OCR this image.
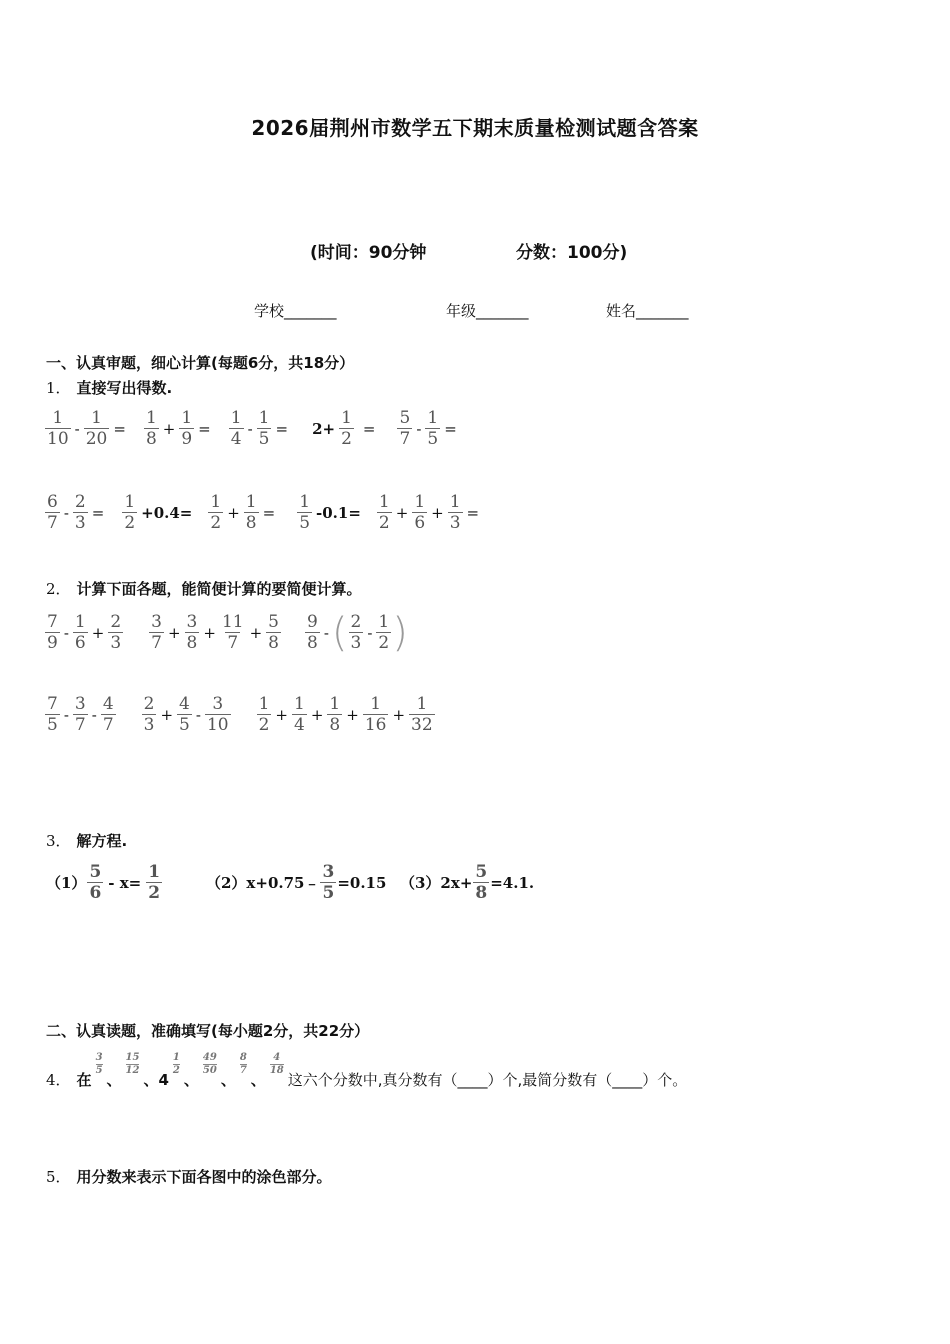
2026届荆州市数学五下期末质量检测试题含答案
(时间：90分钟	分数：100分)
学校_______	年级_______	姓名_______
一、认真审题，细心计算(每题6分，共18分）
1． 直接写出得数.
$\frac{1}{10} - \frac{1}{20} = \frac{1}{8} + \frac{1}{9} = \frac{1}{4} - \frac{1}{5} = 2+ \frac{1}{2} = \frac{5}{7} - \frac{1}{5}$ =
$\frac{6}{7} - \frac{2}{3} = \frac{1}{2} +0.4= \frac{1}{2} + \frac{1}{8} = \frac{1}{5} -0.1= \frac{1}{2} + \frac{1}{6} + \frac{1}{3}$ =
2． 计算下面各题，能简便计算的要简便计算。
$\frac{7}{9} - \frac{1}{6} + \frac{2}{3} \frac{3}{7} + \frac{3}{8} + \frac{11}{7} + \frac{5}{8} \frac{9}{8}$ - ( $\frac{2}{3} - \frac{1}{2}$ )
$\frac{7}{5} - \frac{3}{7} - \frac{4}{7} \frac{2}{3} + \frac{4}{5} - \frac{3}{10} \frac{1}{2} + \frac{1}{4} + \frac{1}{8} + \frac{1}{16} + \frac{1}{32}$
3． 解方程.
$(1) \frac{5}{6} - x= \frac{1}{2}$	（2）x+0.75﹣ $\frac{3}{5} =0.15$ $(3)2x+ \frac{5}{8} =4.1$.
二、认真读题，准确填写(每小题2分，共22分）
4． 在
3
5
、
15
12
、4
1
2
、
49
50
、
8
7
、
4
18
这六个分数中,真分数有（____）个,最简分数有（____）个。
5． 用分数来表示下面各图中的涂色部分。
